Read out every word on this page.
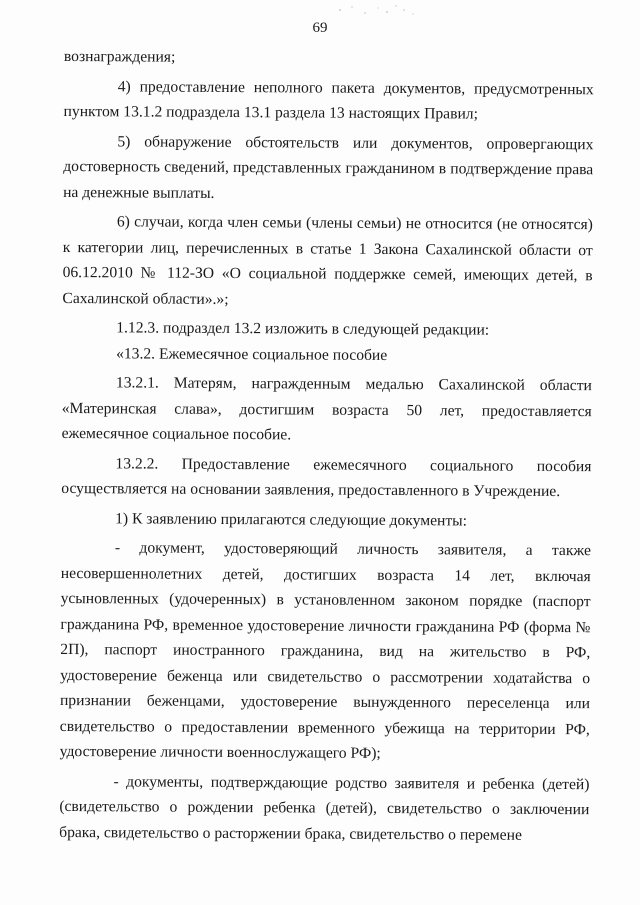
69

вознаграждения;

4) предоставление неполного пакета документов, предусмотренных пунктом 13.1.2 подраздела 13.1 раздела 13 настоящих Правил;

5) обнаружение обстоятельств или документов, опровергающих достоверность сведений, представленных гражданином в подтверждение права на денежные выплаты.

6) случаи, когда член семьи (члены семьи) не относится (не относятся) к категории лиц, перечисленных в статье 1 Закона Сахалинской области от 06.12.2010 № 112-ЗО «О социальной поддержке семей, имеющих детей, в Сахалинской области».»;

1.12.3. подраздел 13.2 изложить в следующей редакции:

«13.2. Ежемесячное социальное пособие

13.2.1. Матерям, награжденным медалью Сахалинской области «Материнская слава», достигшим возраста 50 лет, предоставляется ежемесячное социальное пособие.

13.2.2. Предоставление ежемесячного социального пособия осуществляется на основании заявления, предоставленного в Учреждение.

1) К заявлению прилагаются следующие документы:

- документ, удостоверяющий личность заявителя, а также несовершеннолетних детей, достигших возраста 14 лет, включая усыновленных (удочеренных) в установленном законом порядке (паспорт гражданина РФ, временное удостоверение личности гражданина РФ (форма № 2П), паспорт иностранного гражданина, вид на жительство в РФ, удостоверение беженца или свидетельство о рассмотрении ходатайства о признании беженцами, удостоверение вынужденного переселенца или свидетельство о предоставлении временного убежища на территории РФ, удостоверение личности военнослужащего РФ);

- документы, подтверждающие родство заявителя и ребенка (детей) (свидетельство о рождении ребенка (детей), свидетельство о заключении брака, свидетельство о расторжении брака, свидетельство о перемене
